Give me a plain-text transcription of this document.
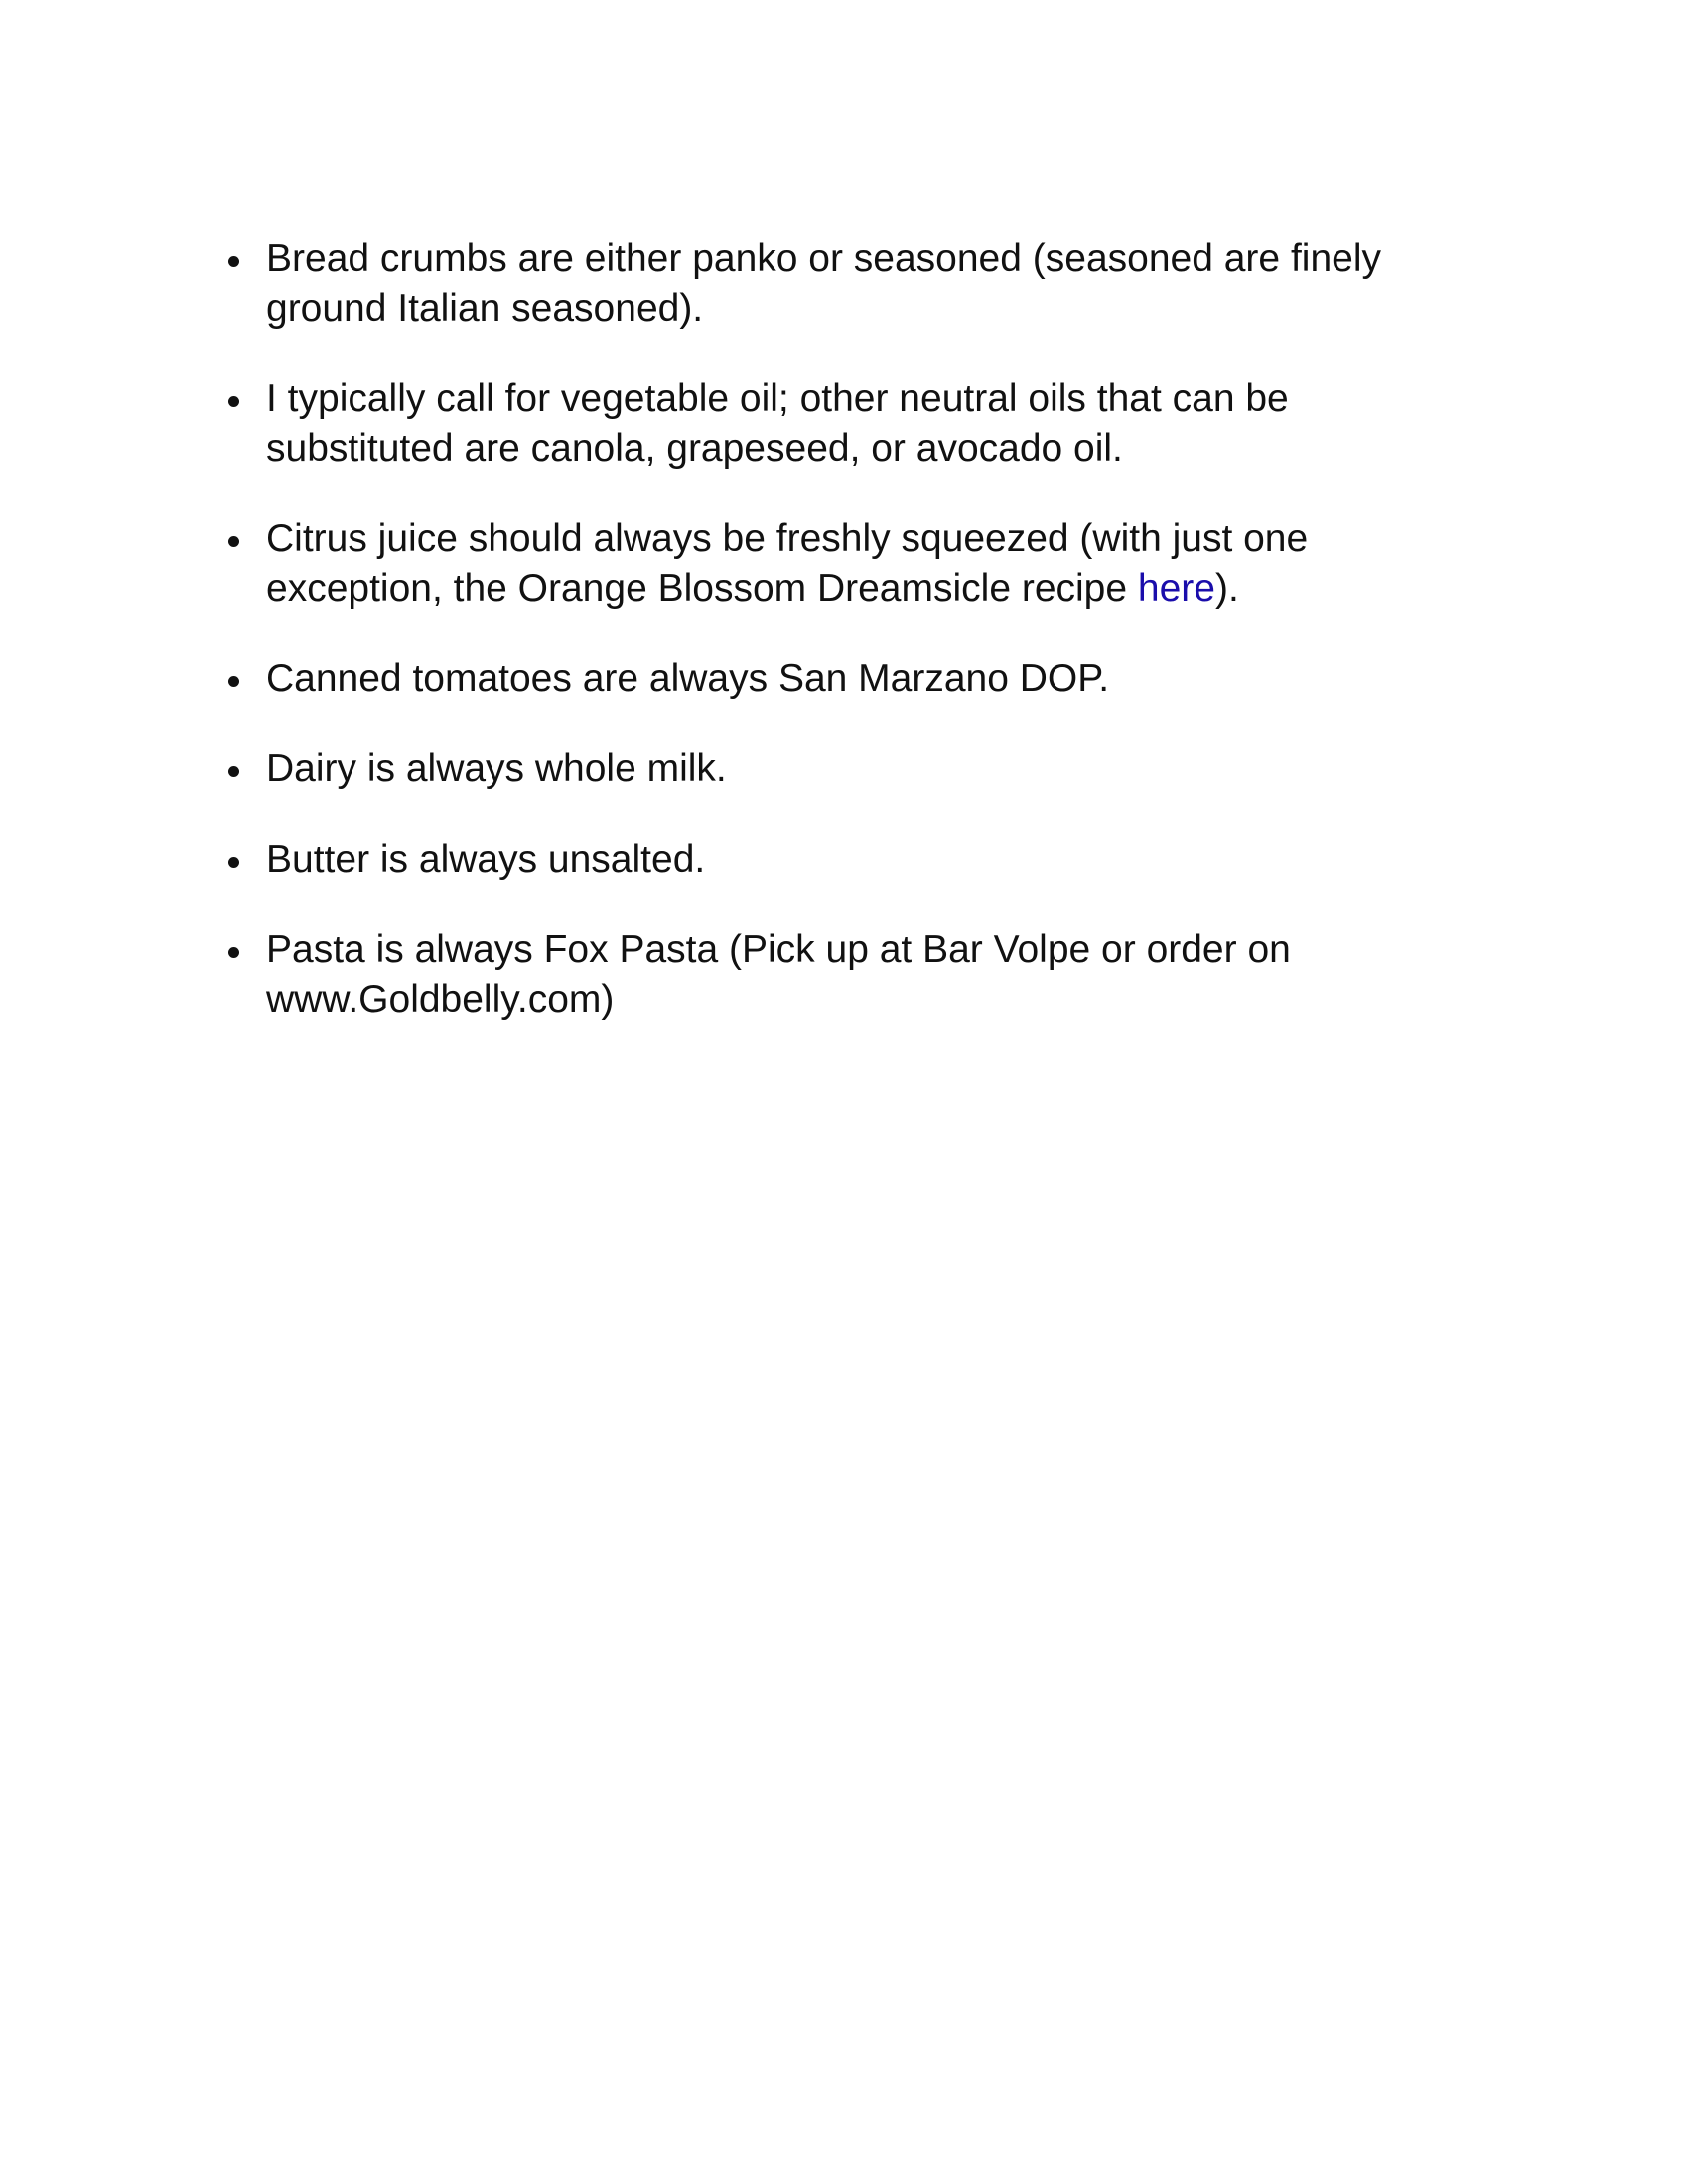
Bread crumbs are either panko or seasoned (seasoned are finely ground Italian seasoned).
I typically call for vegetable oil; other neutral oils that can be substituted are canola, grapeseed, or avocado oil.
Citrus juice should always be freshly squeezed (with just one exception, the Orange Blossom Dreamsicle recipe here).
Canned tomatoes are always San Marzano DOP.
Dairy is always whole milk.
Butter is always unsalted.
Pasta is always Fox Pasta (Pick up at Bar Volpe or order on www.Goldbelly.com)
